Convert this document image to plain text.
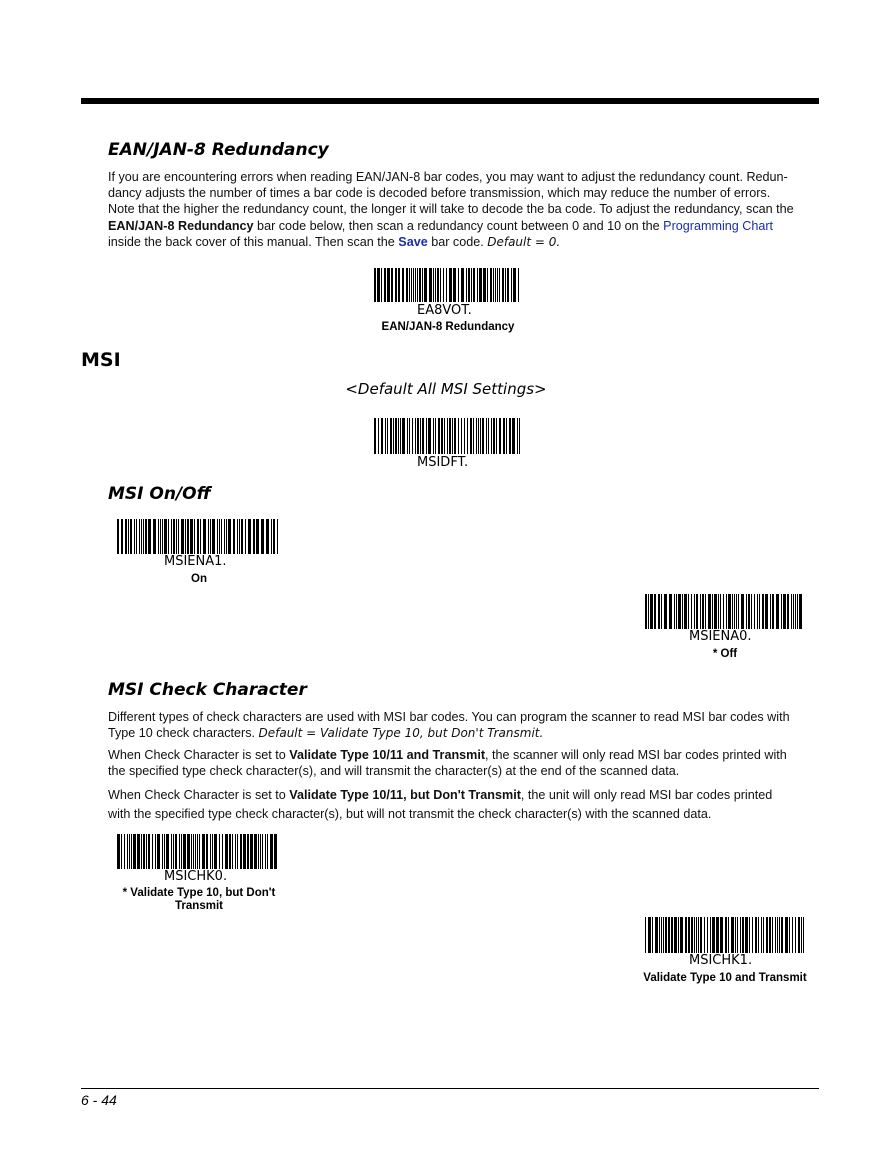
EAN/JAN-8 Redundancy
If you are encountering errors when reading EAN/JAN-8 bar codes, you may want to adjust the redundancy count. Redun-
dancy adjusts the number of times a bar code is decoded before transmission, which may reduce the number of errors.
Note that the higher the redundancy count, the longer it will take to decode the ba code. To adjust the redundancy, scan the
EAN/JAN-8 Redundancy bar code below, then scan a redundancy count between 0 and 10 on the Programming Chart
inside the back cover of this manual. Then scan the Save bar code. Default = 0.
EA8VOT.
EAN/JAN-8 Redundancy
MSI
<Default All MSI Settings>
MSIDFT.
MSI On/Off
MSIENA1.
On
MSIENA0.
* Off
MSI Check Character
Different types of check characters are used with MSI bar codes. You can program the scanner to read MSI bar codes with
Type 10 check characters. Default = Validate Type 10, but Don't Transmit.
When Check Character is set to Validate Type 10/11 and Transmit, the scanner will only read MSI bar codes printed with
the specified type check character(s), and will transmit the character(s) at the end of the scanned data.
When Check Character is set to Validate Type 10/11, but Don't Transmit, the unit will only read MSI bar codes printed
with the specified type check character(s), but will not transmit the check character(s) with the scanned data.
MSICHK0.
* Validate Type 10, but Don't
Transmit
MSICHK1.
Validate Type 10 and Transmit
6 - 44
